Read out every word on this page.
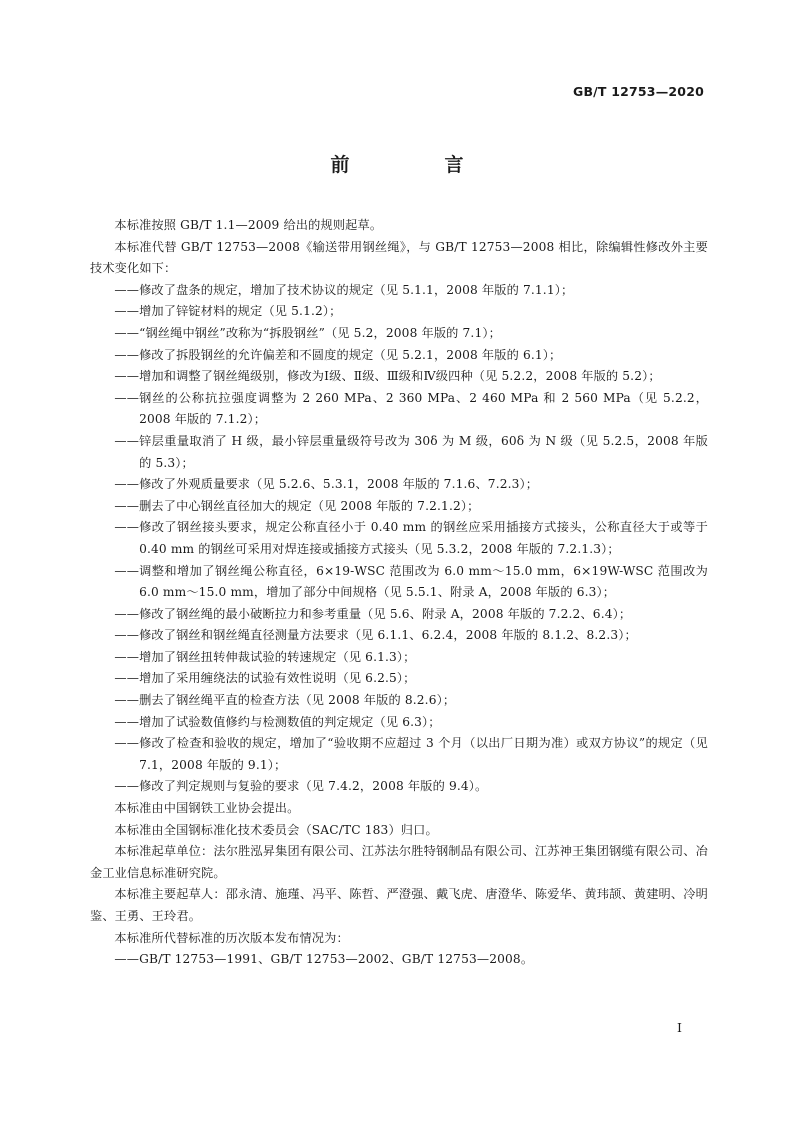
GB/T 12753—2020
前　言

本标准按照 GB/T 1.1—2009 给出的规则起草。

本标准代替 GB/T 12753—2008《输送带用钢丝绳》，与 GB/T 12753—2008 相比，除编辑性修改外主要技术变化如下：

—— 修改了盘条的规定，增加了技术协议的规定（见 5.1.1，2008 年版的 7.1.1）；
—— 增加了锌锭材料的规定（见 5.1.2）；
—— “钢丝绳中钢丝”改称为“拆股钢丝”（见 5.2，2008 年版的 7.1）；
—— 修改了拆股钢丝的允许偏差和不圆度的规定（见 5.2.1，2008 年版的 6.1）；
—— 增加和调整了钢丝绳级别，修改为Ⅰ级、Ⅱ级、Ⅲ级和Ⅳ级四种（见 5.2.2，2008 年版的 5.2）；
—— 钢丝的公称抗拉强度调整为 2 260 MPa、2 360 MPa、2 460 MPa 和 2 560 MPa（见 5.2.2，2008 年版的 7.1.2）；
—— 锌层重量取消了 H 级，最小锌层重量级符号改为 30δ 为 M 级，60δ 为 N 级（见 5.2.5，2008 年版的 5.3）；
—— 修改了外观质量要求（见 5.2.6、5.3.1，2008 年版的 7.1.6、7.2.3）；
—— 删去了中心钢丝直径加大的规定（见 2008 年版的 7.2.1.2）；
—— 修改了钢丝接头要求，规定公称直径小于 0.40 mm 的钢丝应采用插接方式接头，公称直径大于或等于 0.40 mm 的钢丝可采用对焊连接或插接方式接头（见 5.3.2，2008 年版的 7.2.1.3）；
—— 调整和增加了钢丝绳公称直径，6×19-WSC 范围改为 6.0 mm～15.0 mm，6×19W-WSC 范围改为 6.0 mm～15.0 mm，增加了部分中间规格（见 5.5.1、附录 A，2008 年版的 6.3）；
—— 修改了钢丝绳的最小破断拉力和参考重量（见 5.6、附录 A，2008 年版的 7.2.2、6.4）；
—— 修改了钢丝和钢丝绳直径测量方法要求（见 6.1.1、6.2.4，2008 年版的 8.1.2、8.2.3）；
—— 增加了钢丝扭转伸裁试验的转速规定（见 6.1.3）；
—— 增加了采用缠绕法的试验有效性说明（见 6.2.5）；
—— 删去了钢丝绳平直的检查方法（见 2008 年版的 8.2.6）；
—— 增加了试验数值修约与检测数值的判定规定（见 6.3）；
—— 修改了检查和验收的规定，增加了“验收期不应超过 3 个月（以出厂日期为准）或双方协议”的规定（见 7.1，2008 年版的 9.1）；
—— 修改了判定规则与复验的要求（见 7.4.2，2008 年版的 9.4）。

本标准由中国钢铁工业协会提出。

本标准由全国钢标准化技术委员会（SAC/TC 183）归口。

本标准起草单位：法尔胜泓昇集团有限公司、江苏法尔胜特钢制品有限公司、江苏神王集团钢缆有限公司、冶金工业信息标准研究院。

本标准主要起草人：邵永清、施瑾、冯平、陈哲、严澄强、戴飞虎、唐澄华、陈爱华、黄玮颉、黄建明、冷明鉴、王勇、王玲君。

本标准所代替标准的历次版本发布情况为：

—— GB/T 12753—1991、GB/T 12753—2002、GB/T 12753—2008。
Ⅰ
